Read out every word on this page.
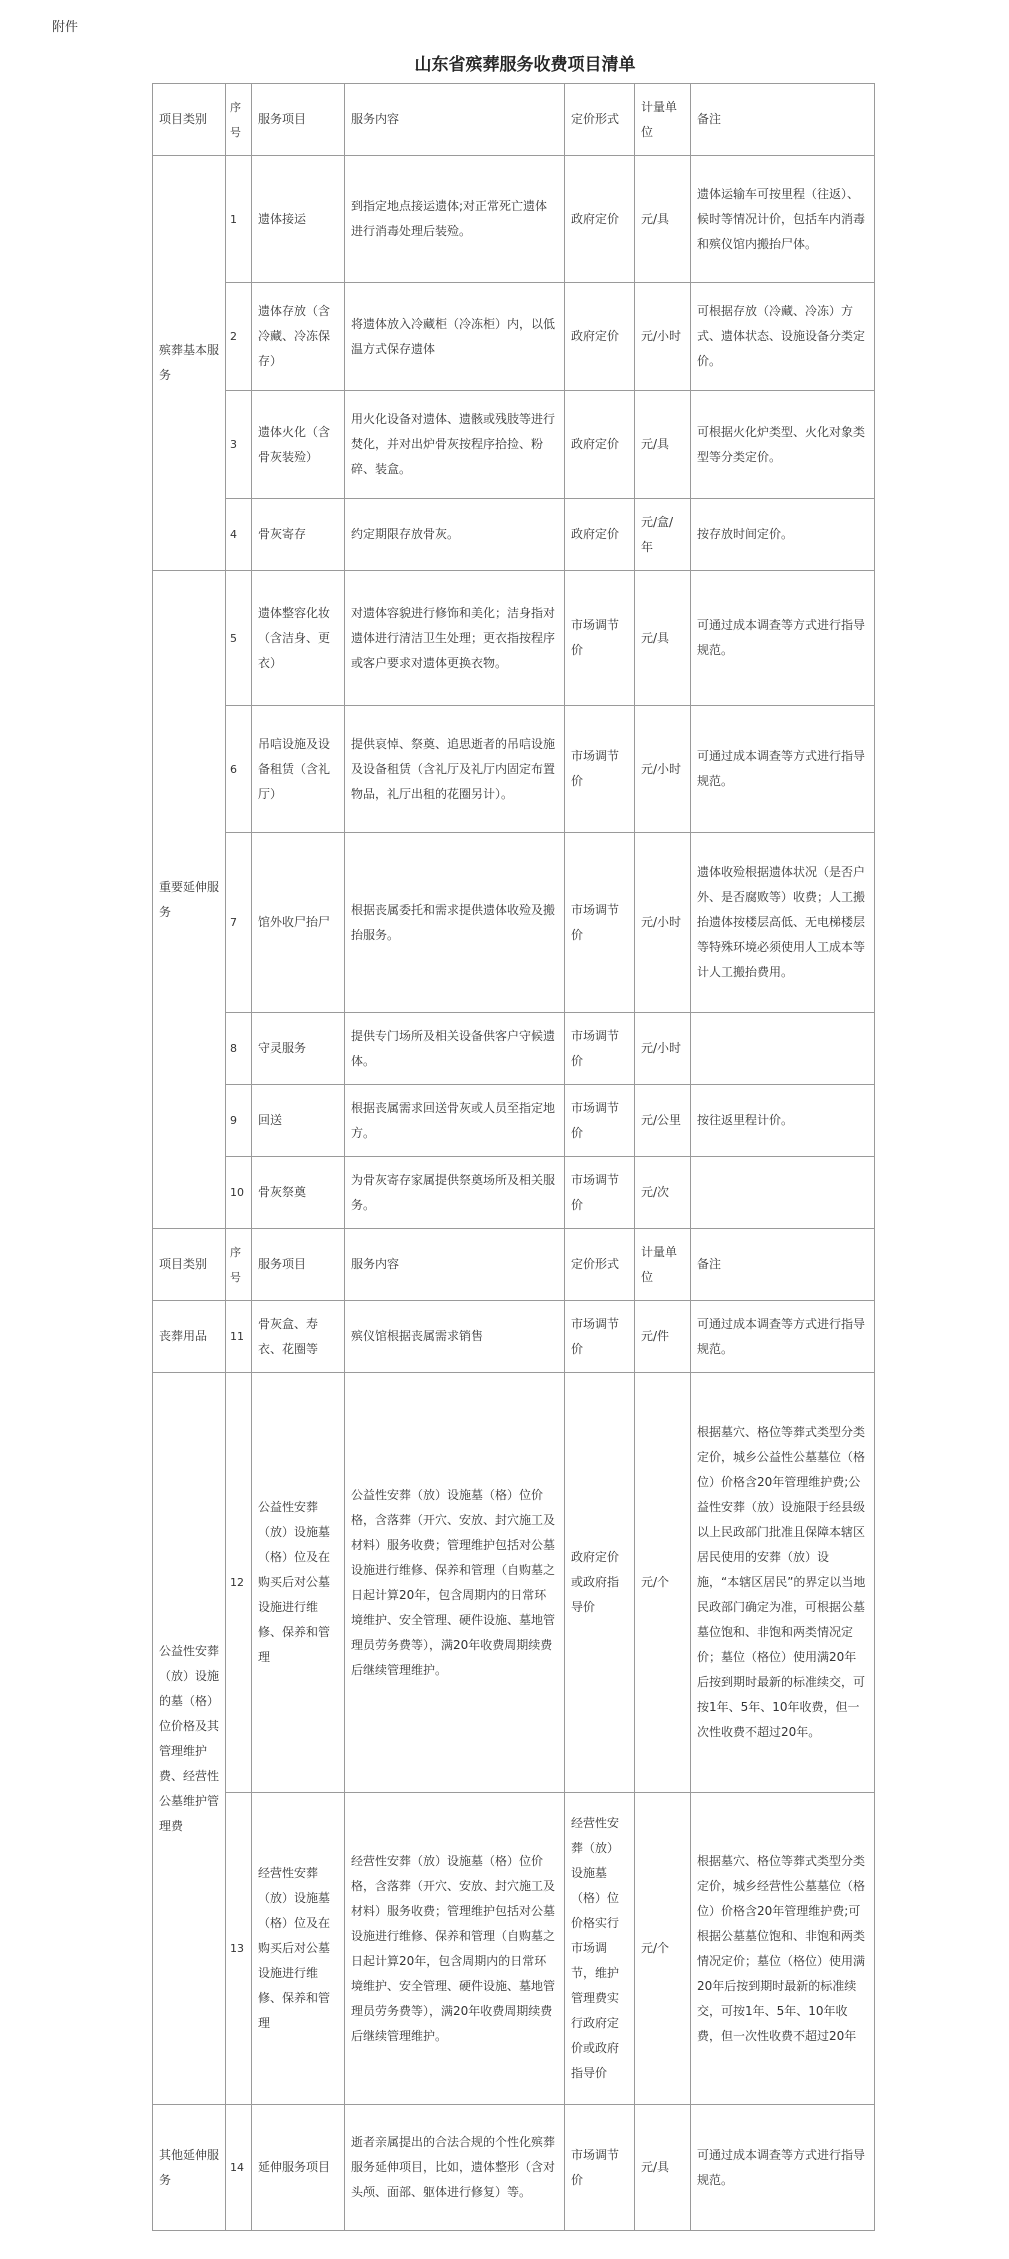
附件
山东省殡葬服务收费项目清单
项目类别	序号	服务项目	服务内容	定价形式	计量单位	备注
殡葬基本服务	1	遗体接运	到指定地点接运遗体;对正常死亡遗体进行消毒处理后装殓。	政府定价	元/具	遗体运输车可按里程（往返）、候时等情况计价，包括车内消毒和殡仪馆内搬抬尸体。
	2	遗体存放（含冷藏、冷冻保存）	将遗体放入冷藏柜（冷冻柜）内，以低温方式保存遗体	政府定价	元/小时	可根据存放（冷藏、冷冻）方式、遗体状态、设施设备分类定价。
	3	遗体火化（含骨灰装殓）	用火化设备对遗体、遗骸或残肢等进行焚化，并对出炉骨灰按程序拾捡、粉碎、装盒。	政府定价	元/具	可根据火化炉类型、火化对象类型等分类定价。
	4	骨灰寄存	约定期限存放骨灰。	政府定价	元/盒/年	按存放时间定价。
重要延伸服务	5	遗体整容化妆（含洁身、更衣）	对遗体容貌进行修饰和美化；洁身指对遗体进行清洁卫生处理；更衣指按程序或客户要求对遗体更换衣物。	市场调节价	元/具	可通过成本调查等方式进行指导规范。
	6	吊唁设施及设备租赁（含礼厅）	提供哀悼、祭奠、追思逝者的吊唁设施及设备租赁（含礼厅及礼厅内固定布置物品，礼厅出租的花圈另计）。	市场调节价	元/小时	可通过成本调查等方式进行指导规范。
	7	馆外收尸抬尸	根据丧属委托和需求提供遗体收殓及搬抬服务。	市场调节价	元/小时	遗体收殓根据遗体状况（是否户外、是否腐败等）收费；人工搬抬遗体按楼层高低、无电梯楼层等特殊环境必须使用人工成本等计人工搬抬费用。
	8	守灵服务	提供专门场所及相关设备供客户守候遗体。	市场调节价	元/小时	
	9	回送	根据丧属需求回送骨灰或人员至指定地方。	市场调节价	元/公里	按往返里程计价。
	10	骨灰祭奠	为骨灰寄存家属提供祭奠场所及相关服务。	市场调节价	元/次	
项目类别	序号	服务项目	服务内容	定价形式	计量单位	备注
丧葬用品	11	骨灰盒、寿衣、花圈等	殡仪馆根据丧属需求销售	市场调节价	元/件	可通过成本调查等方式进行指导规范。
公益性安葬（放）设施的墓（格）位价格及其管理维护费、经营性公墓维护管理费	12	公益性安葬（放）设施墓（格）位及在购买后对公墓设施进行维修、保养和管理	公益性安葬（放）设施墓（格）位价格，含落葬（开穴、安放、封穴施工及材料）服务收费；管理维护包括对公墓设施进行维修、保养和管理（自购墓之日起计算20年，包含周期内的日常环境维护、安全管理、硬件设施、墓地管理员劳务费等），满20年收费周期续费后继续管理维护。	政府定价或政府指导价	元/个	根据墓穴、格位等葬式类型分类定价，城乡公益性公墓墓位（格位）价格含20年管理维护费;公益性安葬（放）设施限于经县级以上民政部门批准且保障本辖区居民使用的安葬（放）设施，“本辖区居民”的界定以当地民政部门确定为准，可根据公墓墓位饱和、非饱和两类情况定价；墓位（格位）使用满20年后按到期时最新的标准续交，可按1年、5年、10年收费，但一次性收费不超过20年。
	13	经营性安葬（放）设施墓（格）位及在购买后对公墓设施进行维修、保养和管理	经营性安葬（放）设施墓（格）位价格，含落葬（开穴、安放、封穴施工及材料）服务收费；管理维护包括对公墓设施进行维修、保养和管理（自购墓之日起计算20年，包含周期内的日常环境维护、安全管理、硬件设施、墓地管理员劳务费等），满20年收费周期续费后继续管理维护。	经营性安葬（放）设施墓（格）位价格实行市场调节，维护管理费实行政府定价或政府指导价	元/个	根据墓穴、格位等葬式类型分类定价，城乡经营性公墓墓位（格位）价格含20年管理维护费;可根据公墓墓位饱和、非饱和两类情况定价；墓位（格位）使用满20年后按到期时最新的标准续交，可按1年、5年、10年收费，但一次性收费不超过20年
其他延伸服务	14	延伸服务项目	逝者亲属提出的合法合规的个性化殡葬服务延伸项目，比如，遗体整形（含对头颅、面部、躯体进行修复）等。	市场调节价	元/具	可通过成本调查等方式进行指导规范。
